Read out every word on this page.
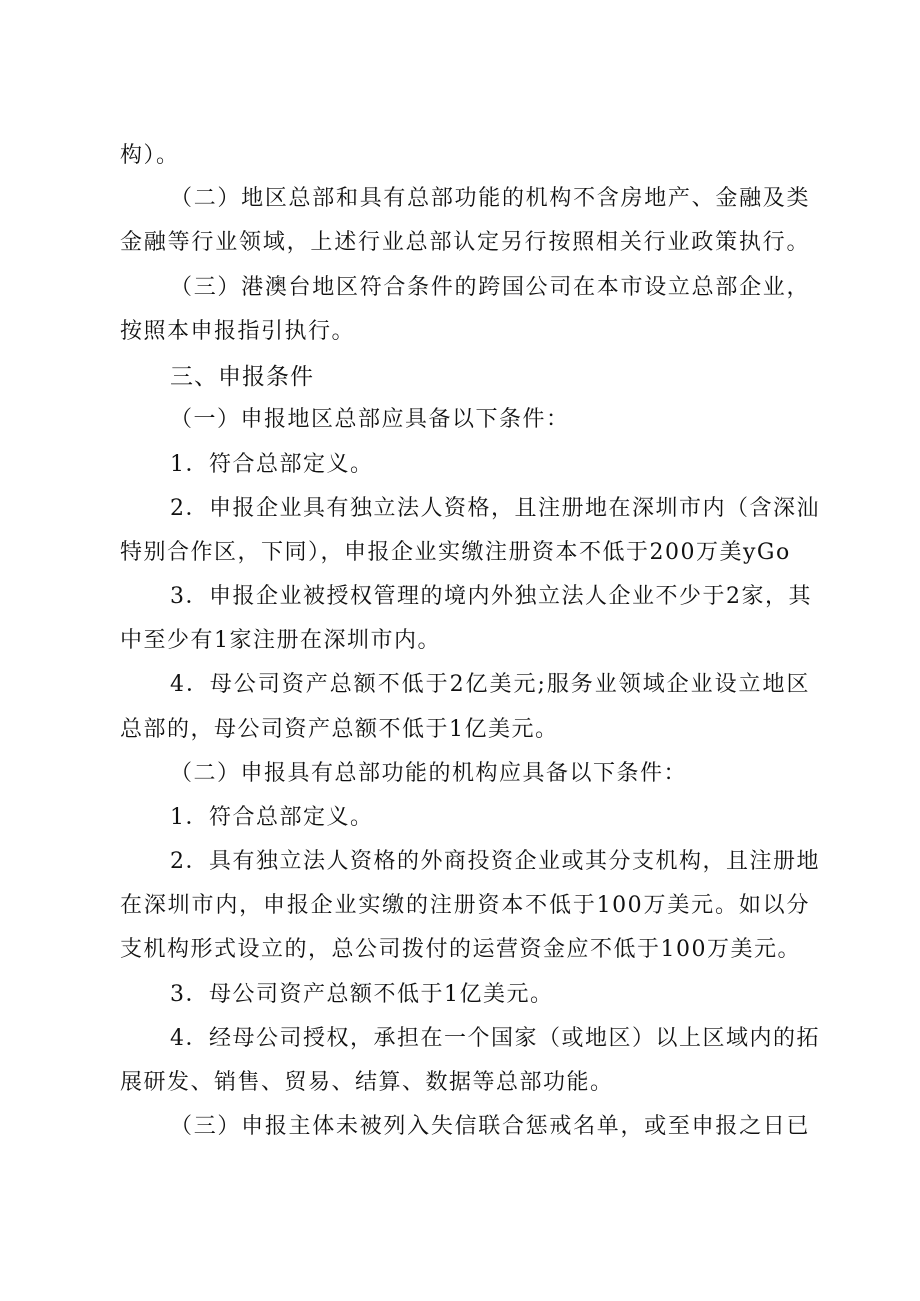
构）。
（二）地区总部和具有总部功能的机构不含房地产、金融及类
金融等行业领域，上述行业总部认定另行按照相关行业政策执行。
（三）港澳台地区符合条件的跨国公司在本市设立总部企业，
按照本申报指引执行。
三、申报条件
（一）申报地区总部应具备以下条件：
1．符合总部定义。
2．申报企业具有独立法人资格，且注册地在深圳市内（含深汕
特别合作区，下同），申报企业实缴注册资本不低于200万美yGo
3．申报企业被授权管理的境内外独立法人企业不少于2家，其
中至少有1家注册在深圳市内。
4．母公司资产总额不低于2亿美元;服务业领域企业设立地区
总部的，母公司资产总额不低于1亿美元。
（二）申报具有总部功能的机构应具备以下条件：
1．符合总部定义。
2．具有独立法人资格的外商投资企业或其分支机构，且注册地
在深圳市内，申报企业实缴的注册资本不低于100万美元。如以分
支机构形式设立的，总公司拨付的运营资金应不低于100万美元。
3．母公司资产总额不低于1亿美元。
4．经母公司授权，承担在一个国家（或地区）以上区域内的拓
展研发、销售、贸易、结算、数据等总部功能。
（三）申报主体未被列入失信联合惩戒名单，或至申报之日已
